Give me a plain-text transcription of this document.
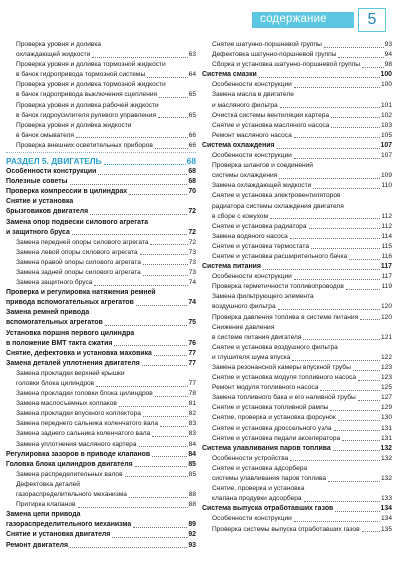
содержание	5
Проверка уровня и доливка
охлаждающей жидкости	63
Проверка уровня и доливка тормозной жидкости
в бачок гидропривода тормозной системы	64
Проверка уровня и доливка тормозной жидкости
в бачок гидропривода выключения сцепления	65
Проверка уровня и доливка рабочей жидкости
в бачок гидроусилителя рулевого управления	65
Проверка уровня и доливка жидкости
в бачок омывателя	66
Проверка внешних осветительных приборов	66
РАЗДЕЛ 5. ДВИГАТЕЛЬ	68
Особенности конструкции	68
Полезные советы	68
Проверка компрессии в цилиндрах	70
Снятие и установка
брызговиков двигателя	72
Замена опор подвески силового агрегата
и защитного бруса	72
Замена передней опоры силового агрегата	72
Замена левой опоры силового агрегата	73
Замена правой опоры силового агрегата	73
Замена задней опоры силового агрегата	73
Замена защитного бруса	74
Проверка и регулировка натяжения ремней
привода вспомогательных агрегатов	74
Замена ремней привода
вспомогательных агрегатов	75
Установка поршня первого цилиндра
в положение ВМТ такта сжатия	76
Снятие, дефектовка и установка маховика	77
Замена деталей уплотнения двигателя	77
Замена прокладки верхней крышки
головки блока цилиндров	77
Замена прокладки головки блока цилиндров	78
Замена маслосъемных колпаков	81
Замена прокладки впускного коллектора	82
Замена переднего сальника коленчатого вала	83
Замена заднего сальника коленчатого вала	83
Замена уплотнения масляного картера	84
Регулировка зазоров в приводе клапанов	84
Головка блока цилиндров двигателя	85
Замена распределительных валов	85
Дефектовка деталей
газораспределительного механизма	88
Притирка клапанов	88
Замена цепи привода
газораспределительного механизма	89
Снятие и установка двигателя	92
Ремонт двигателя	93
Снятие шатунно-поршневой группы	93
Дефектовка шатунно-поршневой группы	94
Сборка и установка шатунно-поршневой группы	98
Система смазки	100
Особенности конструкции	100
Замена масла в двигателе
и масляного фильтра	101
Очистка системы вентиляции картера	102
Снятие и установка масляного насоса	103
Ремонт масляного насоса	105
Система охлаждения	107
Особенности конструкции	107
Проверка шлангов и соединений
системы охлаждения	109
Замена охлаждающей жидкости	110
Снятие и установка электровентиляторов
радиатора системы охлаждения двигателя
в сборе с кожухом	112
Снятие и установка радиатора	112
Замена водяного насоса	114
Снятие и установка термостата	115
Снятие и установка расширительного бачка	116
Система питания	117
Особенности конструкции	117
Проверка герметичности топливопроводов	119
Замена фильтрующего элемента
воздушного фильтра	120
Проверка давления топлива в системе питания	120
Снижение давления
в системе питания двигателя	121
Снятие и установка воздушного фильтра
и глушителя шума впуска	122
Замена резонансной камеры впускной трубы	123
Снятие и установка модуля топливного насоса	123
Ремонт модуля топливного насоса	125
Замена топливного бака и его наливной трубы	127
Снятие и установка топливной рампы	129
Снятие, проверка и установка форсунок	130
Снятие и установка дроссельного узла	131
Снятие и установка педали акселератора	131
Система улавливания паров топлива	132
Особенности устройства	132
Снятие и установка адсорбера
системы улавливания паров топлива	132
Снятие, проверка и установка
клапана продувки адсорбера	133
Система выпуска отработавших газов	134
Особенности конструкции	134
Проверка системы выпуска отработавших газов	135
